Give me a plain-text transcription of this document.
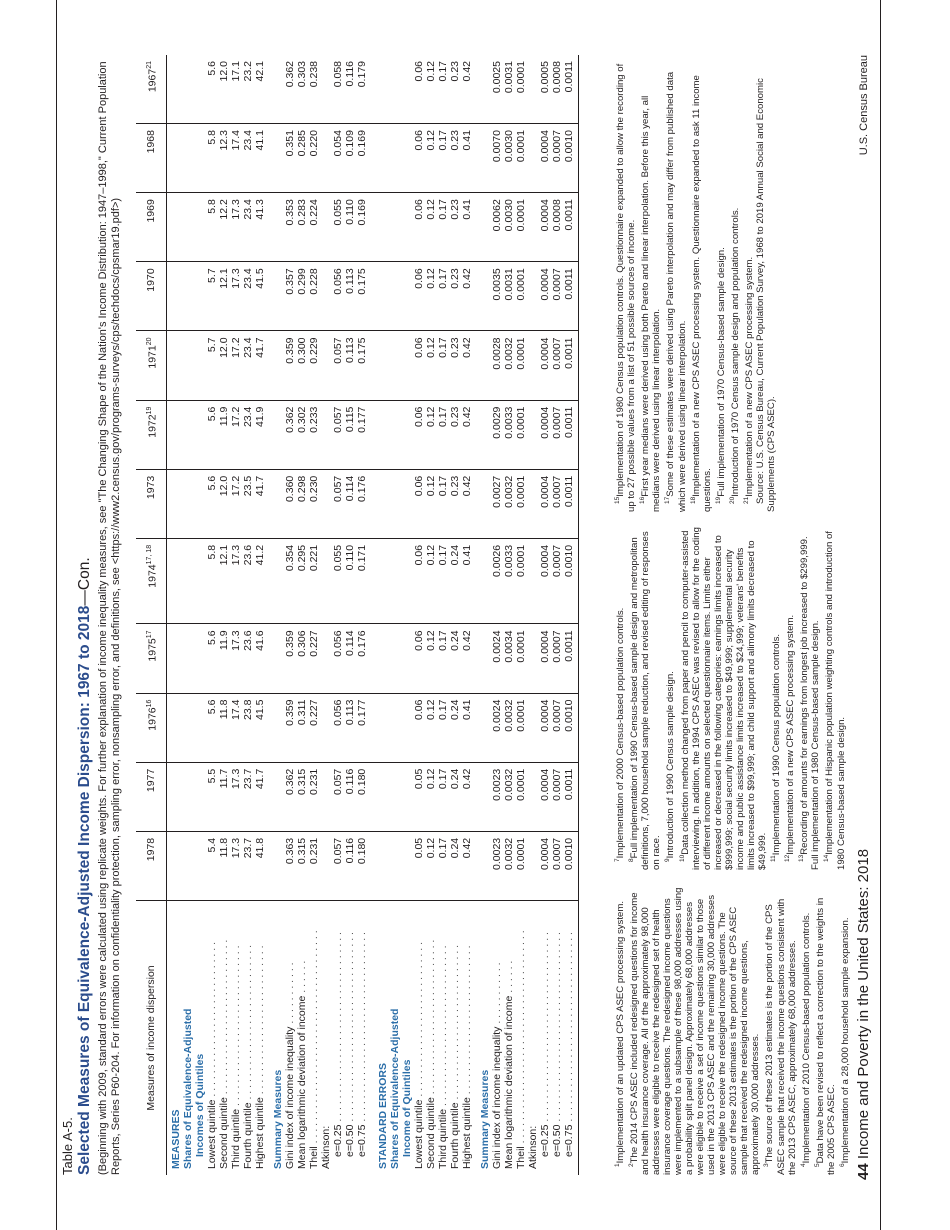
Table A-5. Selected Measures of Equivalence-Adjusted Income Dispersion: 1967 to 2018—Con. (Beginning with 2009, standard errors were calculated using replicate weights. For further explanation of income inequality measures, see "The Changing Shape of the Nation's Income Distribution: 1947–1998," Current Population Reports, Series P60-204. For information on confidentiality protection, sampling error, nonsampling error, and definitions, see <https://www2.census.gov/programs-surveys/cps/techdocs/cpsmar19.pdf>) Measures of income dispersion	1978	1977	1976$^{16}$	1975$^{17}$	1974$^{17, 18}$	1973	1972$^{19}$	1971$^{20}$	1970	1969	1968	1967$^{21}$
MEASURES												
Shares of Equivalence-Adjusted												
Incomes of Quintiles												
Lowest quintile . . . . . . . . . . . . . . . . . . . . . . . . . . .	5.4	5.5	5.6	5.6	5.8	5.6	5.6	5.7	5.7	5.8	5.8	5.6
Second quintile . . . . . . . . . . . . . . . . . . . . . . . . . . .	11.8	11.7	11.8	11.9	12.1	12.0	11.9	12.0	12.1	12.2	12.3	12.0
Third quintile . . . . . . . . . . . . . . . . . . . . . . . . . . . .	17.3	17.3	17.4	17.3	17.3	17.2	17.2	17.2	17.3	17.3	17.4	17.1
Fourth quintile . . . . . . . . . . . . . . . . . . . . . . . . . . .	23.7	23.7	23.8	23.6	23.6	23.5	23.4	23.4	23.4	23.4	23.4	23.2
Highest quintile . . . . . . . . . . . . . . . . . . . . . . . . . .	41.8	41.7	41.5	41.6	41.2	41.7	41.9	41.7	41.5	41.3	41.1	42.1

Summary Measures												
Gini index of income inequality . . . . . . . . . . .	0.363	0.362	0.359	0.359	0.354	0.360	0.362	0.359	0.357	0.353	0.351	0.362
Mean logarithmic deviation of income . . . . . .	0.315	0.315	0.311	0.306	0.295	0.298	0.302	0.300	0.299	0.283	0.285	0.303
Theil . . . . . . . . . . . . . . . . . . . . . . . . . . . . . . . . . . . . .	0.231	0.231	0.227	0.227	0.221	0.230	0.233	0.229	0.228	0.224	0.220	0.238
Atkinson:												
e=0.25 . . . . . . . . . . . . . . . . . . . . . . . . . . . . . . . . .	0.057	0.057	0.056	0.056	0.055	0.057	0.057	0.057	0.056	0.055	0.054	0.058
e=0.50 . . . . . . . . . . . . . . . . . . . . . . . . . . . . . . . . .	0.116	0.116	0.113	0.114	0.110	0.114	0.115	0.113	0.113	0.110	0.109	0.116
e=0.75 . . . . . . . . . . . . . . . . . . . . . . . . . . . . . . . . .	0.180	0.180	0.177	0.176	0.171	0.176	0.177	0.175	0.175	0.169	0.169	0.179

STANDARD ERRORS												
Shares of Equivalence-Adjusted												
Income of Quintiles												
Lowest quintile . . . . . . . . . . . . . . . . . . . . . . . . . . .	0.05	0.05	0.06	0.06	0.06	0.06	0.06	0.06	0.06	0.06	0.06	0.06
Second quintile . . . . . . . . . . . . . . . . . . . . . . . . . . .	0.12	0.12	0.12	0.12	0.12	0.12	0.12	0.12	0.12	0.12	0.12	0.12
Third quintile . . . . . . . . . . . . . . . . . . . . . . . . . . . .	0.17	0.17	0.17	0.17	0.17	0.17	0.17	0.17	0.17	0.17	0.17	0.17
Fourth quintile . . . . . . . . . . . . . . . . . . . . . . . . . . .	0.24	0.24	0.24	0.24	0.24	0.23	0.23	0.23	0.23	0.23	0.23	0.23
Highest quintile . . . . . . . . . . . . . . . . . . . . . . . . . .	0.42	0.42	0.41	0.42	0.41	0.42	0.42	0.42	0.42	0.41	0.41	0.42

Summary Measures												
Gini index of income inequality . . . . . . . . . . .	0.0023	0.0023	0.0024	0.0024	0.0026	0.0027	0.0029	0.0028	0.0035	0.0062	0.0070	0.0025
Mean logarithmic deviation of income . . . . . .	0.0032	0.0032	0.0032	0.0034	0.0033	0.0032	0.0033	0.0032	0.0031	0.0030	0.0030	0.0031
Theil . . . . . . . . . . . . . . . . . . . . . . . . . . . . . . . . . . . . .	0.0001	0.0001	0.0001	0.0001	0.0001	0.0001	0.0001	0.0001	0.0001	0.0001	0.0001	0.0001
Atkinson:												
e=0.25 . . . . . . . . . . . . . . . . . . . . . . . . . . . . . . . . .	0.0004	0.0004	0.0004	0.0004	0.0004	0.0004	0.0004	0.0004	0.0004	0.0004	0.0004	0.0005
e=0.50 . . . . . . . . . . . . . . . . . . . . . . . . . . . . . . . . .	0.0007	0.0007	0.0007	0.0007	0.0007	0.0007	0.0007	0.0007	0.0007	0.0008	0.0007	0.0008
e=0.75 . . . . . . . . . . . . . . . . . . . . . . . . . . . . . . . . .	0.0010	0.0011	0.0010	0.0011	0.0010	0.0011	0.0011	0.0011	0.0011	0.0011	0.0010	0.0011

$^1$Implementation of an updated CPS ASEC processing system.

$^2$The 2014 CPS ASEC included redesigned questions for income and health insurance coverage. All of the approximately 98,000 addresses were eligible to receive the redesigned set of health insurance coverage questions. The redesigned income questions were implemented to a subsample of these 98,000 addresses using a probability split panel design. Approximately 68,000 addresses were eligible to receive a set of income questions similar to those used in the 2013 CPS ASEC and the remaining 30,000 addresses were eligible to receive the redesigned income questions. The source of these 2013 estimates is the portion of the CPS ASEC sample that received the redesigned income questions, approximately 30,000 addresses. $^3$The source of these 2013 estimates is the portion of the CPS ASEC sample that received the income questions consistent with the 2013 CPS ASEC, approximately 68,000 addresses. $^4$Implementation of 2010 Census-based population controls.

$^5$Data have been revised to reflect a correction to the weights in the 2005 CPS ASEC. $^6$Implementation of a 28,000 household sample expansion.

$^7$Implementation of 2000 Census-based population controls.

$^8$Full implementation of 1990 Census-based sample design and metropolitan definitions, 7,000 household sample reduction, and revised editing of responses on race. $^9$Introduction of 1990 Census sample design.

$^{10}$Data collection method changed from paper and pencil to computer-assisted interviewing. In addition, the 1994 CPS ASEC was revised to allow for the coding of different income amounts on selected questionnaire items. Limits either increased or decreased in the following categories: earnings limits increased to $999,999; social security limits increased to $49,999; supplemental security income and public assistance limits increased to $24,999; veterans' benefits limits increased to $99,999; and child support and alimony limits decreased to $49,999. $^{11}$Implementation of 1990 Census population controls.

$^{12}$Implementation of a new CPS ASEC processing system.

$^{13}$Recording of amounts for earnings from longest job increased to $299,999. Full implementation of 1980 Census-based sample design. $^{14}$Implementation of Hispanic population weighting controls and introduction of 1980 Census-based sample design.

$^{15}$Implementation of 1980 Census population controls. Questionnaire expanded to allow the recording of up to 27 possible values from a list of 51 possible sources of income. $^{16}$First year medians were derived using both Pareto and linear interpolation. Before this year, all medians were derived using linear interpolation. $^{17}$Some of these estimates were derived using Pareto interpolation and may differ from published data which were derived using linear interpolation. $^{18}$Implementation of a new CPS ASEC processing system. Questionnaire expanded to ask 11 income questions. $^{19}$Full implementation of 1970 Census-based sample design.

$^{20}$Introduction of 1970 Census sample design and population controls.

$^{21}$Implementation of a new CPS ASEC processing system. Source: U.S. Census Bureau, Current Population Survey, 1968 to 2019 Annual Social and Economic Supplements (CPS ASEC).

44 Income and Poverty in the United States: 2018
U.S. Census Bureau
